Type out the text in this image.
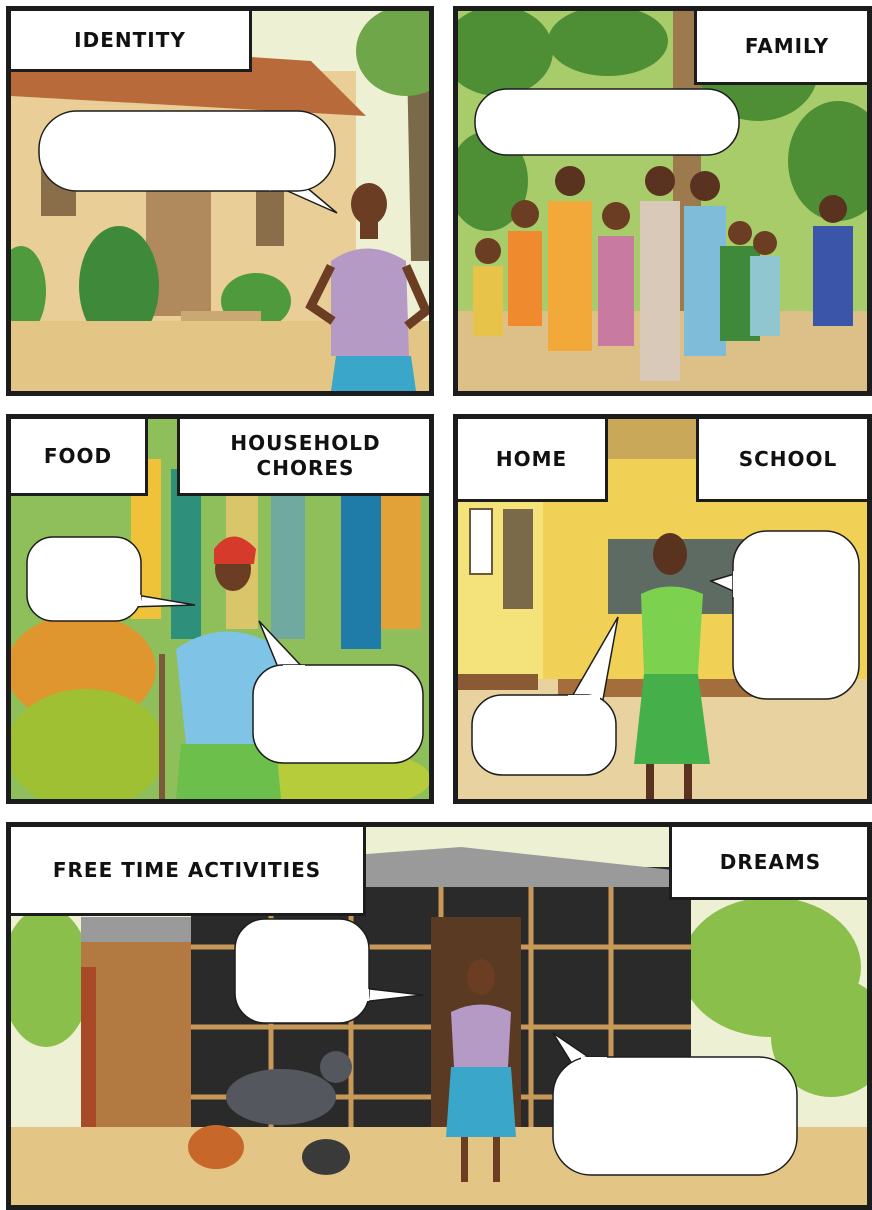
IDENTITY	FAMILY
FOOD
HOUSEHOLD
CHORES	HOME	SCHOOL
FREE TIME ACTIVITIES	DREAMS
